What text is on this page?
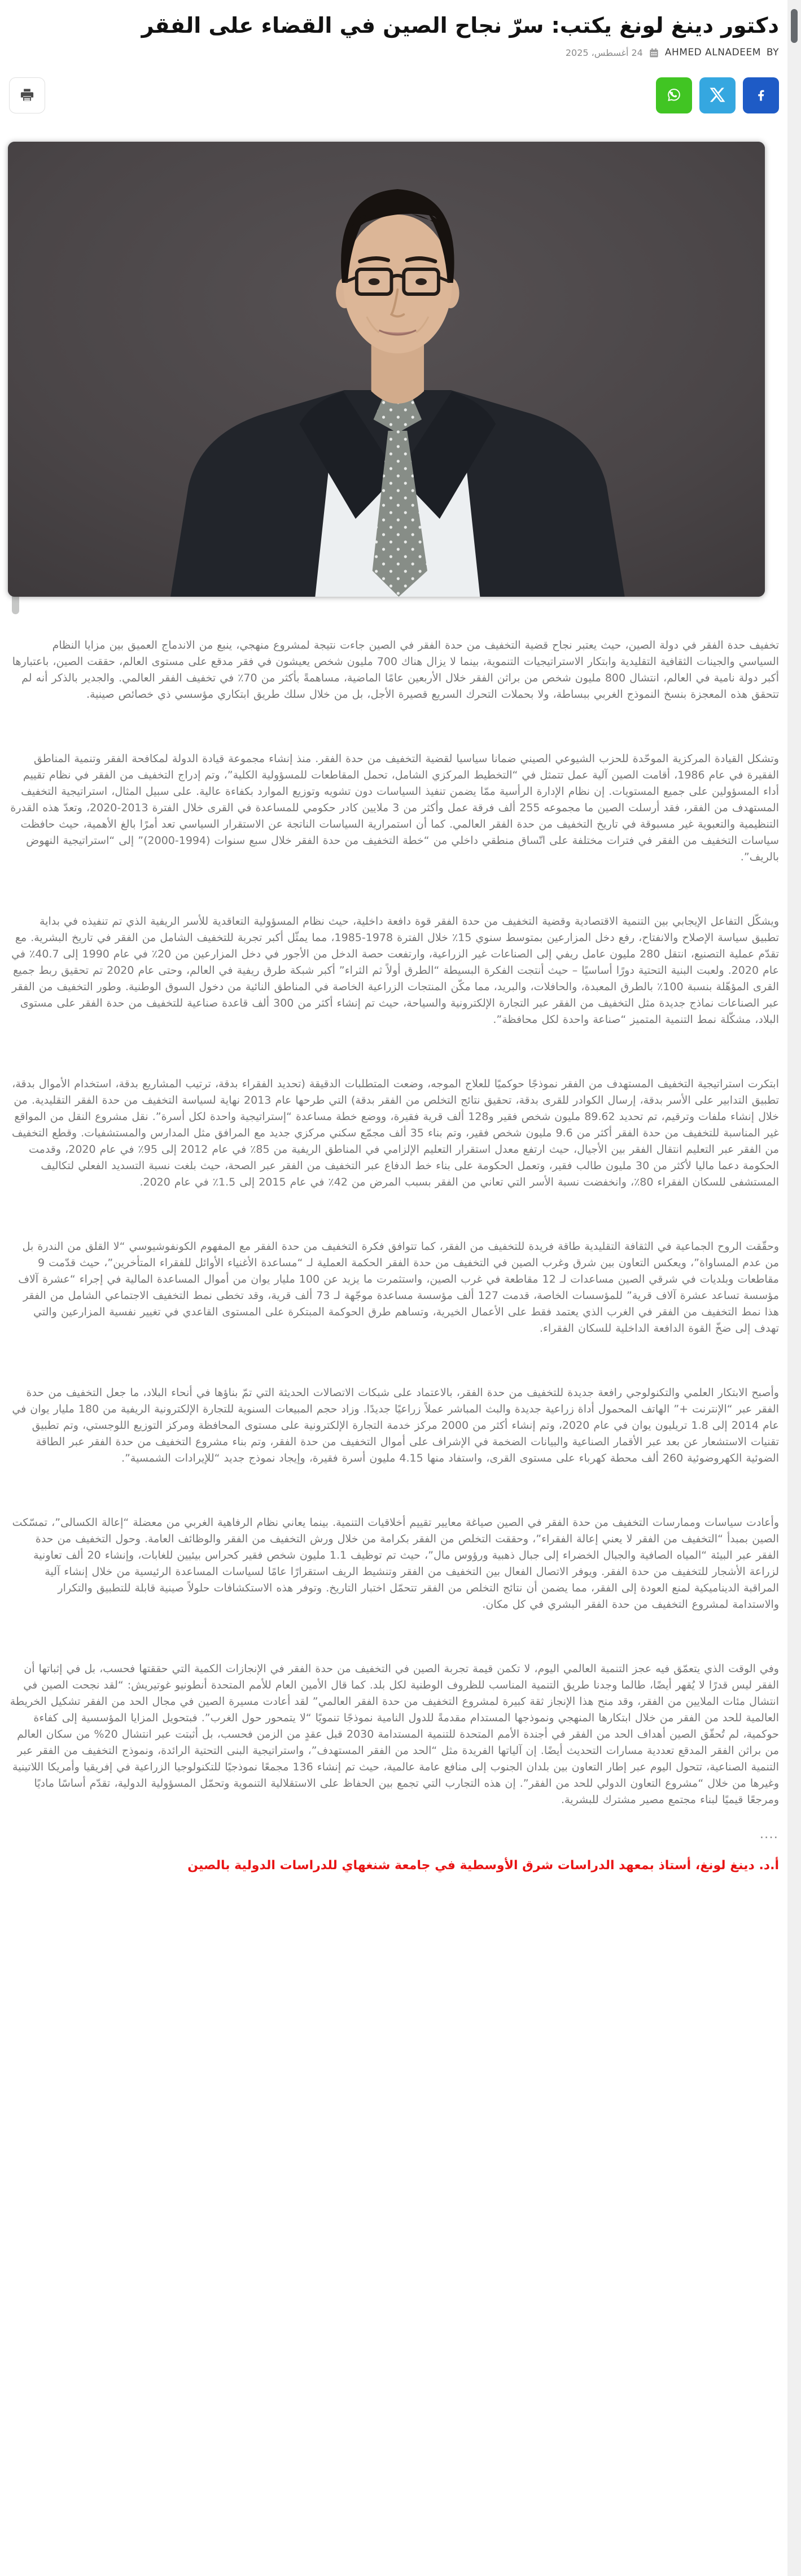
دكتور دينغ لونغ يكتب: سرّ نجاح الصين في القضاء على الفقر
BY
AHMED ALNADEEM
24 أغسطس، 2025

تخفيف حدة الفقر في دولة الصين، حيث يعتبر نجاح قضية التخفيف من حدة الفقر في الصين جاءت نتيجة لمشروع منهجي، ينبع من الاندماج العميق بين مزايا النظام السياسي والجينات الثقافية التقليدية وابتكار الاستراتيجيات التنموية، بينما لا يزال هناك 700 مليون شخص يعيشون في فقر مدقع على مستوى العالم، حققت الصين، باعتبارها أكبر دولة نامية في العالم، انتشال 800 مليون شخص من براثن الفقر خلال الأربعين عامًا الماضية، مساهمةً بأكثر من 70٪ في تخفيف الفقر العالمي. والجدير بالذكر أنه لم تتحقق هذه المعجزة بنسخ النموذج الغربي ببساطة، ولا بحملات التحرك السريع قصيرة الأجل، بل من خلال سلك طريق ابتكاري مؤسسي ذي خصائص صينية.

وتشكل القيادة المركزية الموحّدة للحزب الشيوعي الصيني ضمانا سياسيا لقضية التخفيف من حدة الفقر. منذ إنشاء مجموعة قيادة الدولة لمكافحة الفقر وتنمية المناطق الفقيرة في عام 1986، أقامت الصين آلية عمل تتمثل في “التخطيط المركزي الشامل، تحمل المقاطعات للمسؤولية الكلية”، وتم إدراج التخفيف من الفقر في نظام تقييم أداء المسؤولين على جميع المستويات. إن نظام الإدارة الرأسية ممّا يضمن تنفيذ السياسات دون تشويه وتوزيع الموارد بكفاءة عالية. على سبيل المثال، استراتيجية التخفيف المستهدف من الفقر، فقد أرسلت الصين ما مجموعه 255 ألف فرقة عمل وأكثر من 3 ملايين كادر حكومي للمساعدة في القرى خلال الفترة 2013-2020، وتعدّ هذه القدرة التنظيمية والتعبوية غير مسبوقة في تاريخ التخفيف من حدة الفقر العالمي. كما أن استمرارية السياسات الناتجة عن الاستقرار السياسي تعد أمرًا بالغ الأهمية، حيث حافظت سياسات التخفيف من الفقر في فترات مختلفة على اتّساق منطقي داخلي من “خطة التخفيف من حدة الفقر خلال سبع سنوات (1994-2000)” إلى “استراتيجية النهوض بالريف”.

ويشكّل التفاعل الإيجابي بين التنمية الاقتصادية وقضية التخفيف من حدة الفقر قوة دافعة داخلية، حيث نظام المسؤولية التعاقدية للأسر الريفية الذي تم تنفيذه في بداية تطبيق سياسة الإصلاح والانفتاح، رفع دخل المزارعين بمتوسط سنوي 15٪ خلال الفترة 1978-1985، مما يمثّل أكبر تجربة للتخفيف الشامل من الفقر في تاريخ البشرية. مع تقدّم عملية التصنيع، انتقل 280 مليون عامل ريفي إلى الصناعات غير الزراعية، وارتفعت حصة الدخل من الأجور في دخل المزارعين من 20٪ في عام 1990 إلى 40.7٪ في عام 2020. ولعبت البنية التحتية دورًا أساسيًا – حيث أنتجت الفكرة البسيطة “الطرق أولاً ثم الثراء” أكبر شبكة طرق ريفية في العالم، وحتى عام 2020 تم تحقيق ربط جميع القرى المؤهّلة بنسبة 100٪ بالطرق المعبدة، والحافلات، والبريد، مما مكّن المنتجات الزراعية الخاصة في المناطق النائية من دخول السوق الوطنية. وطور التخفيف من الفقر عبر الصناعات نماذج جديدة مثل التخفيف من الفقر عبر التجارة الإلكترونية والسياحة، حيث تم إنشاء أكثر من 300 ألف قاعدة صناعية للتخفيف من حدة الفقر على مستوى البلاد، مشكّلة نمط التنمية المتميز “صناعة واحدة لكل محافظة”.

ابتكرت استراتيجية التخفيف المستهدف من الفقر نموذجًا حوكميًا للعلاج الموجه، وضعت المتطلبات الدقيقة (تحديد الفقراء بدقة، ترتيب المشاريع بدقة، استخدام الأموال بدقة، تطبيق التدابير على الأسر بدقة، إرسال الكوادر للقرى بدقة، تحقيق نتائج التخلص من الفقر بدقة) التي طرحها عام 2013 نهاية لسياسة التخفيف من حدة الفقر التقليدية. من خلال إنشاء ملفات وترقيم، تم تحديد 89.62 مليون شخص فقير و128 ألف قرية فقيرة، ووضع خطة مساعدة “إستراتيجية واحدة لكل أسرة”. نقل مشروع النقل من المواقع غير المناسبة للتخفيف من حدة الفقر أكثر من 9.6 مليون شخص فقير، وتم بناء 35 ألف مجمّع سكني مركزي جديد مع المرافق مثل المدارس والمستشفيات. وقطع التخفيف من الفقر عبر التعليم انتقال الفقر بين الأجيال، حيث ارتفع معدل استقرار التعليم الإلزامي في المناطق الريفية من 85٪ في عام 2012 إلى 95٪ في عام 2020، وقدمت الحكومة دعما ماليا لأكثر من 30 مليون طالب فقير، وتعمل الحكومة على بناء خط الدفاع عبر التخفيف من الفقر عبر الصحة، حيث بلغت نسبة التسديد الفعلي لتكاليف المستشفى للسكان الفقراء 80٪، وانخفضت نسبة الأسر التي تعاني من الفقر بسبب المرض من 42٪ في عام 2015 إلى 1.5٪ في عام 2020.

وحقّقت الروح الجماعية في الثقافة التقليدية طاقة فريدة للتخفيف من الفقر، كما تتوافق فكرة التخفيف من حدة الفقر مع المفهوم الكونفوشيوسي “لا القلق من الندرة بل من عدم المساواة”، ويعكس التعاون بين شرق وغرب الصين في التخفيف من حدة الفقر الحكمة العملية لـ “مساعدة الأغنياء الأوائل للفقراء المتأخرين”، حيث قدّمت 9 مقاطعات وبلديات في شرقي الصين مساعدات لـ 12 مقاطعة في غرب الصين، واستثمرت ما يزيد عن 100 مليار يوان من أموال المساعدة المالية في إجراء “عشرة آلاف مؤسسة تساعد عشرة آلاف قرية” للمؤسسات الخاصة، قدمت 127 ألف مؤسسة مساعدة موجّهة لـ 73 ألف قرية، وقد تخطى نمط التخفيف الاجتماعي الشامل من الفقر هذا نمط التخفيف من الفقر في الغرب الذي يعتمد فقط على الأعمال الخيرية، وتساهم طرق الحوكمة المبتكرة على المستوى القاعدي في تغيير نفسية المزارعين والتي تهدف إلى ضخّ القوة الدافعة الداخلية للسكان الفقراء.

وأصبح الابتكار العلمي والتكنولوجي رافعة جديدة للتخفيف من حدة الفقر، بالاعتماد على شبكات الاتصالات الحديثة التي تمّ بناؤها في أنحاء البلاد، ما جعل التخفيف من حدة الفقر عبر “الإنترنت +” الهاتف المحمول أداة زراعية جديدة والبث المباشر عملاً زراعيًا جديدًا. وزاد حجم المبيعات السنوية للتجارة الإلكترونية الريفية من 180 مليار يوان في عام 2014 إلى 1.8 تريليون يوان في عام 2020، وتم إنشاء أكثر من 2000 مركز خدمة التجارة الإلكترونية على مستوى المحافظة ومركز التوزيع اللوجستي، وتم تطبيق تقنيات الاستشعار عن بعد عبر الأقمار الصناعية والبيانات الضخمة في الإشراف على أموال التخفيف من حدة الفقر، وتم بناء مشروع التخفيف من حدة الفقر عبر الطاقة الضوئية الكهروضوئية 260 ألف محطة كهرباء على مستوى القرى، واستفاد منها 4.15 مليون أسرة فقيرة، وإيجاد نموذج جديد “للإيرادات الشمسية”.

وأعادت سياسات وممارسات التخفيف من حدة الفقر في الصين صياغة معايير تقييم أخلاقيات التنمية. بينما يعاني نظام الرفاهية الغربي من معضلة “إعالة الكسالى”، تمسّكت الصين بمبدأ “التخفيف من الفقر لا يعني إعالة الفقراء”، وحققت التخلص من الفقر بكرامة من خلال ورش التخفيف من الفقر والوظائف العامة. وحول التخفيف من حدة الفقر عبر البيئة “المياه الصافية والجبال الخضراء إلى جبال ذهبية ورؤوس مال”، حيث تم توظيف 1.1 مليون شخص فقير كحراس بيئيين للغابات، وإنشاء 20 ألف تعاونية لزراعة الأشجار للتخفيف من حدة الفقر. ويوفر الاتصال الفعال بين التخفيف من الفقر وتنشيط الريف استقرارًا عامًا لسياسات المساعدة الرئيسية من خلال إنشاء آلية المراقبة الديناميكية لمنع العودة إلى الفقر، مما يضمن أن نتائج التخلص من الفقر تتحمّل اختبار التاريخ. وتوفر هذه الاستكشافات حلولاً صينية قابلة للتطبيق والتكرار والاستدامة لمشروع التخفيف من حدة الفقر البشري في كل مكان.

وفي الوقت الذي يتعمّق فيه عجز التنمية العالمي اليوم، لا تكمن قيمة تجربة الصين في التخفيف من حدة الفقر في الإنجازات الكمية التي حققتها فحسب، بل في إثباتها أن الفقر ليس قدرًا لا يُقهر أيضًا، طالما وجدنا طريق التنمية المناسب للظروف الوطنية لكل بلد. كما قال الأمين العام للأمم المتحدة أنطونيو غوتيريش: “لقد نجحت الصين في انتشال مئات الملايين من الفقر، وقد منح هذا الإنجاز ثقة كبيرة لمشروع التخفيف من حدة الفقر العالمي” لقد أعادت مسيرة الصين في مجال الحد من الفقر تشكيل الخريطة العالمية للحد من الفقر من خلال ابتكارها المنهجي ونموذجها المستدام مقدمةً للدول النامية نموذجًا تنمويًا “لا يتمحور حول الغرب”. فبتحويل المزايا المؤسسية إلى كفاءة حوكمية، لم تُحقّق الصين أهداف الحد من الفقر في أجندة الأمم المتحدة للتنمية المستدامة 2030 قبل عقدٍ من الزمن فحسب، بل أثبتت عبر انتشال 20% من سكان العالم من براثن الفقر المدقع تعددية مسارات التحديث أيضًا. إن آلياتها الفريدة مثل “الحد من الفقر المستهدف”، واستراتيجية البنى التحتية الرائدة، ونموذج التخفيف من الفقر عبر التنمية الصناعية، تتحول اليوم عبر إطار التعاون بين بلدان الجنوب إلى منافع عامة عالمية، حيث تم إنشاء 136 مجمعًا نموذجيًا للتكنولوجيا الزراعية في إفريقيا وأمريكا اللاتينية وغيرها من خلال “مشروع التعاون الدولي للحد من الفقر”. إن هذه التجارب التي تجمع بين الحفاظ على الاستقلالية التنموية وتحمّل المسؤولية الدولية، تقدّم أساسًا ماديًا ومرجعًا قيميًا لبناء مجتمع مصير مشترك للبشرية.

....

أ.د. دينغ لونغ، أستاذ بمعهد الدراسات شرق الأوسطية في جامعة شنغهاي للدراسات الدولية بالصين
